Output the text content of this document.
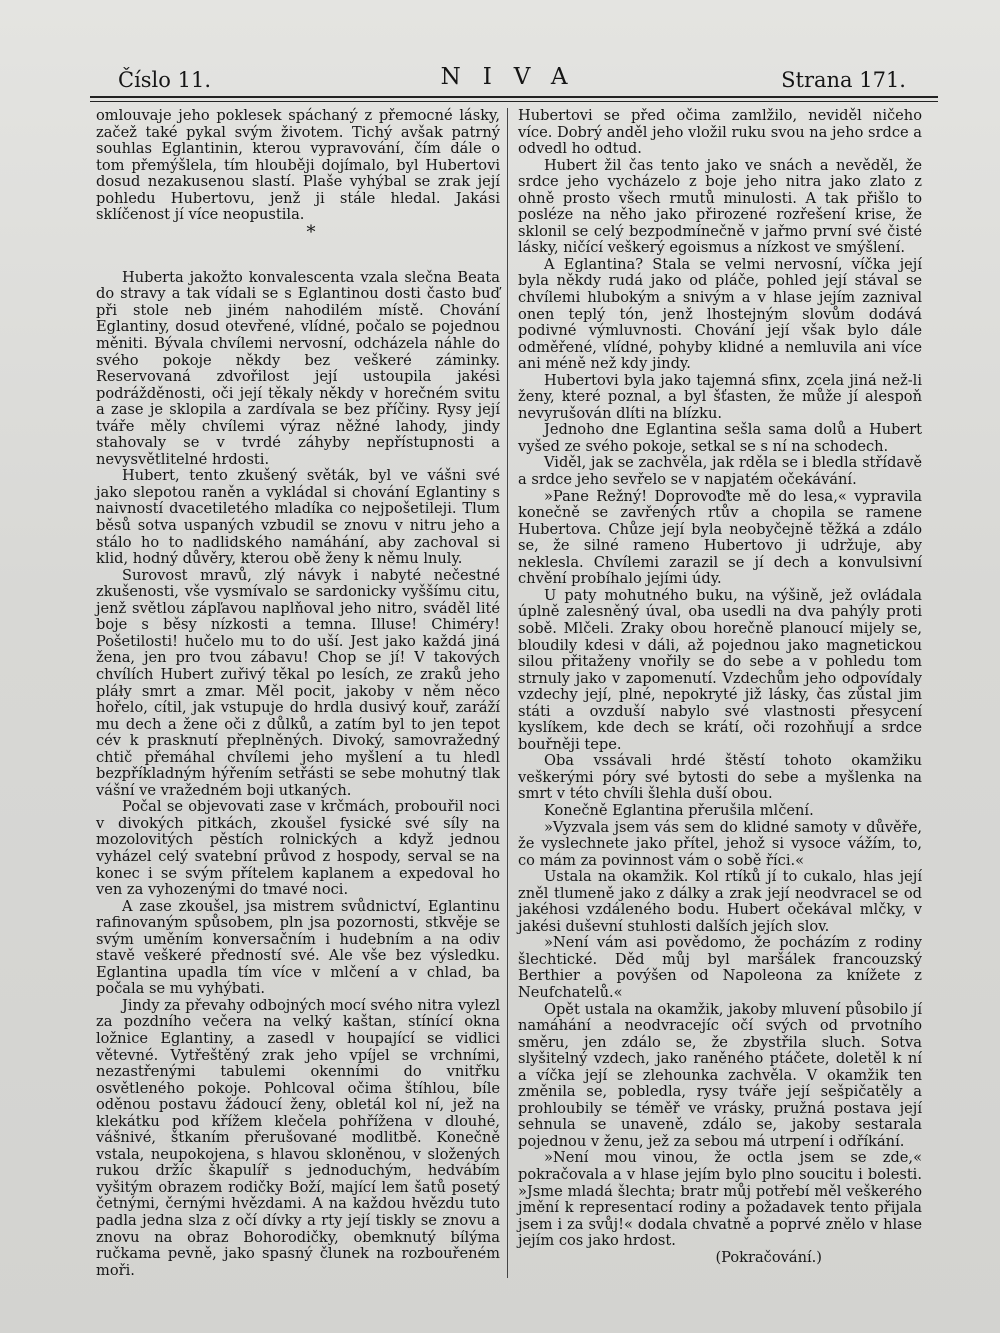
Číslo 11.	NIVA	Strana 171.

omlouvaje jeho poklesek spáchaný z přemocné lásky, začež také pykal svým životem. Tichý avšak patrný souhlas Eglantinin, kterou vypravování, čím dále o tom přemýšlela, tím hlouběji dojímalo, byl Hubertovi dosud nezakusenou slastí. Plaše vyhýbal se zrak její pohledu Hubertovu, jenž ji stále hledal. Jakási sklíčenost jí více neopustila.

*

Huberta jakožto konvalescenta vzala slečna Beata do stravy a tak vídali se s Eglantinou dosti často buď při stole neb jiném nahodilém místě. Chování Eglantiny, dosud otevřené, vlídné, počalo se pojednou měniti. Bývala chvílemi nervosní, odcházela náhle do svého pokoje někdy bez veškeré záminky. Reservovaná zdvořilost její ustoupila jakési podrážděnosti, oči její těkaly někdy v horečném svitu a zase je sklopila a zardívala se bez příčiny. Rysy její tváře měly chvílemi výraz něžné lahody, jindy stahovaly se v tvrdé záhyby nepřístupnosti a nevysvětlitelné hrdosti.

Hubert, tento zkušený světák, byl ve vášni své jako slepotou raněn a vykládal si chování Eglantiny s naivností dvacetiletého mladíka co nejpošetileji. Tlum běsů sotva uspaných vzbudil se znovu v nitru jeho a stálo ho to nadlidského namáhání, aby zachoval si klid, hodný důvěry, kterou obě ženy k němu lnuly.

Surovost mravů, zlý návyk i nabyté nečestné zkušenosti, vše vysmívalo se sardonicky vyššímu citu, jenž světlou zápľavou naplňoval jeho nitro, sváděl lité boje s běsy nízkosti a temna. Illuse! Chiméry! Pošetilosti! hučelo mu to do uší. Jest jako každá jiná žena, jen pro tvou zábavu! Chop se jí! V takových chvílích Hubert zuřivý těkal po lesích, ze zraků jeho pláły smrt a zmar. Měl pocit, jakoby v něm něco hořelo, cítil, jak vstupuje do hrdla dusivý kouř, zaráží mu dech a žene oči z důlků, a zatím byl to jen tepot cév k prasknutí přeplněných. Divoký, samovražedný chtič přemáhal chvílemi jeho myšlení a tu hledl bezpříkladným hýřením setřásti se sebe mohutný tlak vášní ve vražedném boji utkaných.

Počal se objevovati zase v krčmách, probouřil noci v divokých pitkách, zkoušel fysické své síly na mozolovitých pěstích rolnických a když jednou vyházel celý svatební průvod z hospody, serval se na konec i se svým přítelem kaplanem a expedoval ho ven za vyhozenými do tmavé noci.

A zase zkoušel, jsa mistrem svůdnictví, Eglantinu rafinovaným spůsobem, pln jsa pozornosti, stkvěje se svým uměním konversačním i hudebním a na odiv stavě veškeré předností své. Ale vše bez výsledku. Eglantina upadla tím více v mlčení a v chlad, ba počala se mu vyhýbati.

Jindy za převahy odbojných mocí svého nitra vylezl za pozdního večera na velký kaštan, stínící okna ložnice Eglantiny, a zasedl v houpající se vidlici větevné. Vytřeštěný zrak jeho vpíjel se vrchními, nezastřenými tabulemi okenními do vnitřku osvětleného pokoje. Pohlcoval očima štíhlou, bíle oděnou postavu žádoucí ženy, obletál kol ní, jež na klekátku pod křížem klečela pohřížena v dlouhé, vášnivé, štkaním přerušované modlitbě. Konečně vstala, neupokojena, s hlavou skloněnou, v složených rukou držíc škapulíř s jednoduchým, hedvábím vyšitým obrazem rodičky Boží, mající lem šatů posetý četnými, černými hvězdami. A na každou hvězdu tuto padla jedna slza z očí dívky a rty její tiskly se znovu a znovu na obraz Bohorodičky, obemknutý bílýma ručkama pevně, jako spasný člunek na rozbouřeném moři.

Hubertovi se před očima zamlžilo, neviděl ničeho více. Dobrý anděl jeho vložil ruku svou na jeho srdce a odvedl ho odtud.

Hubert žil čas tento jako ve snách a nevěděl, že srdce jeho vycházelo z boje jeho nitra jako zlato z ohně prosto všech rmutů minulosti. A tak přišlo to posléze na něho jako přirozené rozřešení krise, že sklonil se celý bezpodmínečně v jařmo první své čisté lásky, ničící veškerý egoismus a nízkost ve smýšlení.

A Eglantina? Stala se velmi nervosní, víčka její byla někdy rudá jako od pláče, pohled její stával se chvílemi hlubokým a snivým a v hlase jejím zaznival onen teplý tón, jenž lhostejným slovům dodává podivné výmluvnosti. Chování její však bylo dále odměřené, vlídné, pohyby klidné a nemluvila ani více ani méně než kdy jindy.

Hubertovi byla jako tajemná sfinx, zcela jiná než-li ženy, které poznal, a byl šťasten, že může jí alespoň nevyrušován dlíti na blízku.

Jednoho dne Eglantina sešla sama dolů a Hubert vyšed ze svého pokoje, setkal se s ní na schodech.

Viděl, jak se zachvěla, jak rděla se i bledla střídavě a srdce jeho sevřelo se v napjatém očekávání.

»Pane Režný! Doprovoďte mě do lesa,« vypravila konečně se zavřených rtův a chopila se ramene Hubertova. Chůze její byla neobyčejně těžká a zdálo se, že silné rameno Hubertovo ji udržuje, aby neklesla. Chvílemi zarazil se jí dech a konvulsivní chvění probíhalo jejími údy.

U paty mohutného buku, na výšině, jež ovládala úplně zalesněný úval, oba usedli na dva pahýly proti sobě. Mlčeli. Zraky obou horečně planoucí mijely se, bloudily kdesi v dáli, až pojednou jako magnetickou silou přitaženy vnořily se do sebe a v pohledu tom strnuly jako v zapomenutí. Vzdechům jeho odpovídaly vzdechy její, plné, nepokryté již lásky, čas zůstal jim státi a ovzduší nabylo své vlastnosti přesycení kyslíkem, kde dech se krátí, oči rozohňují a srdce bouřněji tepe.

Oba vssávali hrdé štěstí tohoto okamžiku veškerými póry své bytosti do sebe a myšlenka na smrt v této chvíli šlehla duší obou.

Konečně Eglantina přerušila mlčení.

»Vyzvala jsem vás sem do klidné samoty v důvěře, že vyslechnete jako přítel, jehož si vysoce vážím, to, co mám za povinnost vám o sobě říci.«

Ustala na okamžik. Kol rtíků jí to cukalo, hlas její zněl tlumeně jako z dálky a zrak její neodvracel se od jakéhosi vzdáleného bodu. Hubert očekával mlčky, v jakési duševní stuhlosti dalších jejích slov.

»Není vám asi povědomo, že pocházím z rodiny šlechtické. Děd můj byl maršálek francouzský Berthier a povýšen od Napoleona za knížete z Neufchatelů.«

Opět ustala na okamžik, jakoby mluvení působilo jí namáhání a neodvracejíc očí svých od prvotního směru, jen zdálo se, že zbystřila sluch. Sotva slyšitelný vzdech, jako raněného ptáčete, doletěl k ní a víčka její se zlehounka zachvěla. V okamžik ten změnila se, pobledla, rysy tváře její sešpičatěly a prohloubily se téměř ve vrásky, pružná postava její sehnula se unaveně, zdálo se, jakoby sestarala pojednou v ženu, jež za sebou má utrpení i odříkání.

»Není mou vinou, že octla jsem se zde,« pokračovala a v hlase jejím bylo plno soucitu i bolesti. »Jsme mladá šlechta; bratr můj potřebí měl veškerého jmění k representací rodiny a požadavek tento přijala jsem i za svůj!« dodala chvatně a poprvé znělo v hlase jejím cos jako hrdost.

(Pokračování.)
